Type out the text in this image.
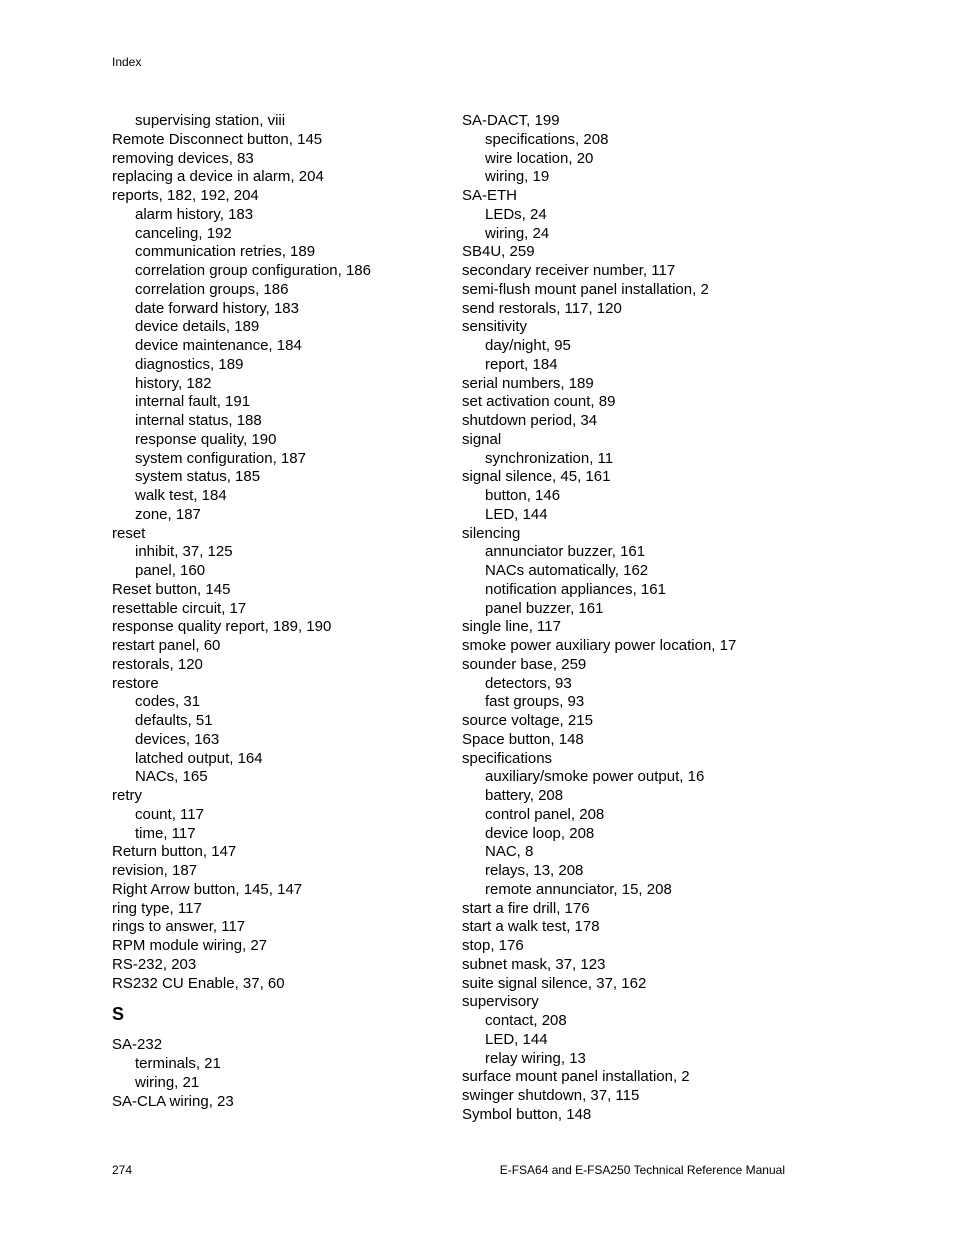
Index
supervising station, viii
Remote Disconnect button, 145
removing devices, 83
replacing a device in alarm, 204
reports, 182, 192, 204
alarm history, 183
canceling, 192
communication retries, 189
correlation group configuration, 186
correlation groups, 186
date forward history, 183
device details, 189
device maintenance, 184
diagnostics, 189
history, 182
internal fault, 191
internal status, 188
response quality, 190
system configuration, 187
system status, 185
walk test, 184
zone, 187
reset
inhibit, 37, 125
panel, 160
Reset button, 145
resettable circuit, 17
response quality report, 189, 190
restart panel, 60
restorals, 120
restore
codes, 31
defaults, 51
devices, 163
latched output, 164
NACs, 165
retry
count, 117
time, 117
Return button, 147
revision, 187
Right Arrow button, 145, 147
ring type, 117
rings to answer, 117
RPM module wiring, 27
RS-232, 203
RS232 CU Enable, 37, 60
S
SA-232
terminals, 21
wiring, 21
SA-CLA wiring, 23
SA-DACT, 199
specifications, 208
wire location, 20
wiring, 19
SA-ETH
LEDs, 24
wiring, 24
SB4U, 259
secondary receiver number, 117
semi-flush mount panel installation, 2
send restorals, 117, 120
sensitivity
day/night, 95
report, 184
serial numbers, 189
set activation count, 89
shutdown period, 34
signal
synchronization, 11
signal silence, 45, 161
button, 146
LED, 144
silencing
annunciator buzzer, 161
NACs automatically, 162
notification appliances, 161
panel buzzer, 161
single line, 117
smoke power auxiliary power location, 17
sounder base, 259
detectors, 93
fast groups, 93
source voltage, 215
Space button, 148
specifications
auxiliary/smoke power output, 16
battery, 208
control panel, 208
device loop, 208
NAC, 8
relays, 13, 208
remote annunciator, 15, 208
start a fire drill, 176
start a walk test, 178
stop, 176
subnet mask, 37, 123
suite signal silence, 37, 162
supervisory
contact, 208
LED, 144
relay wiring, 13
surface mount panel installation, 2
swinger shutdown, 37, 115
Symbol button, 148
274	E-FSA64 and E-FSA250 Technical Reference Manual
